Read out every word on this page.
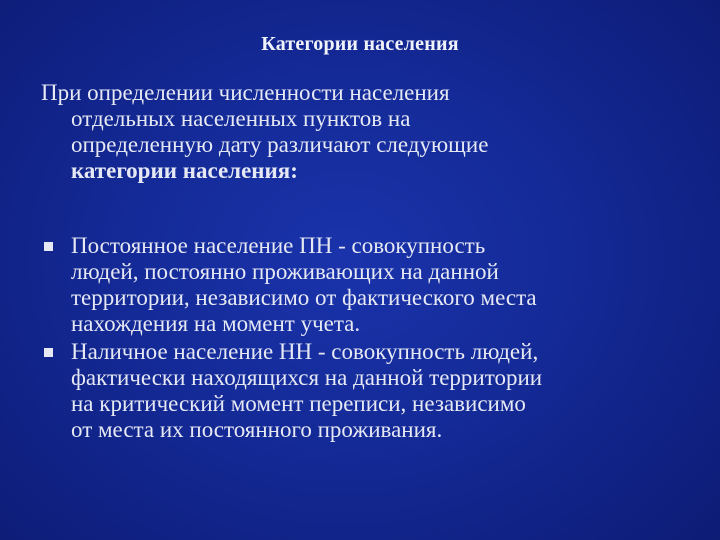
Категории населения
При определении численности населения
отдельных населенных пунктов на
определенную дату различают следующие
категории населения:
Постоянное население ПН - совокупность
людей, постоянно проживающих на данной
территории, независимо от фактического места
нахождения на момент учета.
Наличное население НН - совокупность людей,
фактически находящихся на данной территории
на критический момент переписи, независимо
от места их постоянного проживания.
